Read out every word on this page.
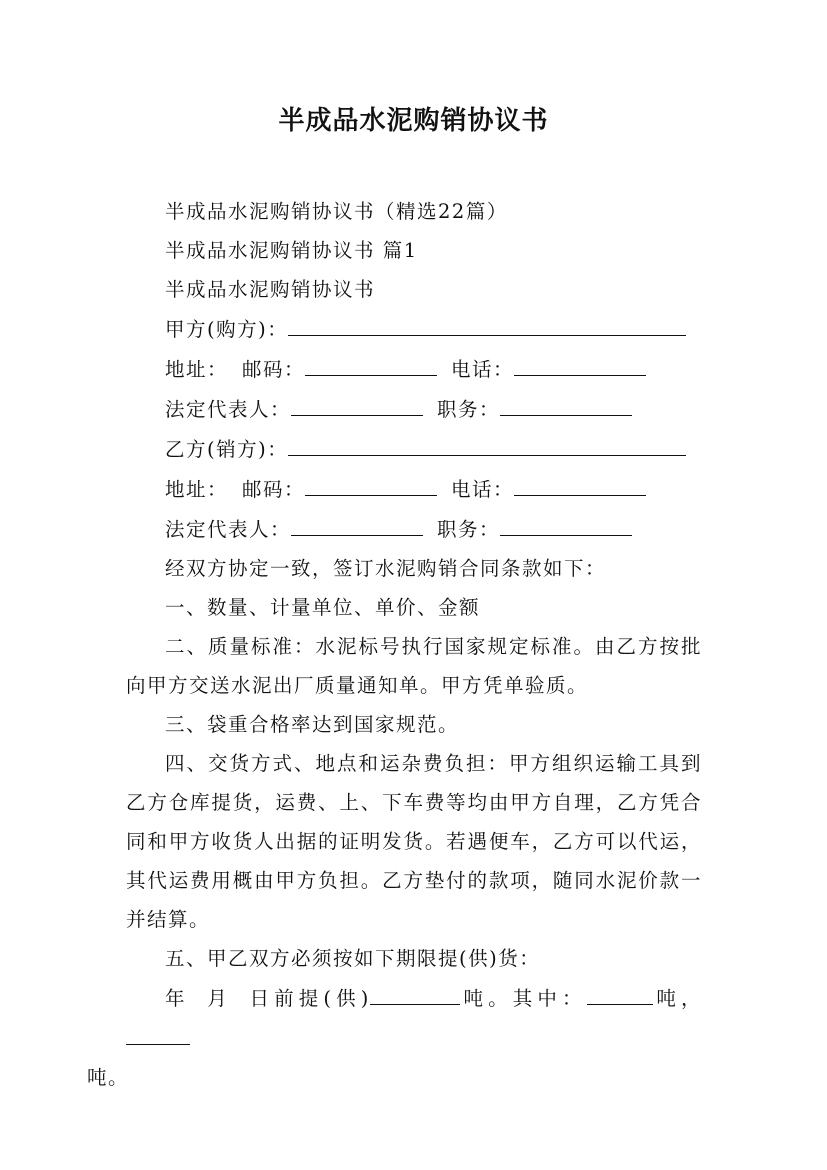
半成品水泥购销协议书

半成品水泥购销协议书（精选22篇）

半成品水泥购销协议书 篇1

半成品水泥购销协议书

甲方(购方)：

地址： 邮码：	电话：

法定代表人：	职务：

乙方(销方)：

地址： 邮码：	电话：

法定代表人：	职务：

经双方协定一致，签订水泥购销合同条款如下：

一、数量、计量单位、单价、金额

二、质量标准：水泥标号执行国家规定标准。由乙方按批向甲方交送水泥出厂质量通知单。甲方凭单验质。

三、袋重合格率达到国家规范。

四、交货方式、地点和运杂费负担：甲方组织运输工具到乙方仓库提货，运费、上、下车费等均由甲方自理，乙方凭合同和甲方收货人出据的证明发货。若遇便车，乙方可以代运，其代运费用概由甲方负担。乙方垫付的款项，随同水泥价款一并结算。

五、甲乙双方必须按如下期限提(供)货：

年 月 日前提(供)	吨。其中：	吨，
吨。
